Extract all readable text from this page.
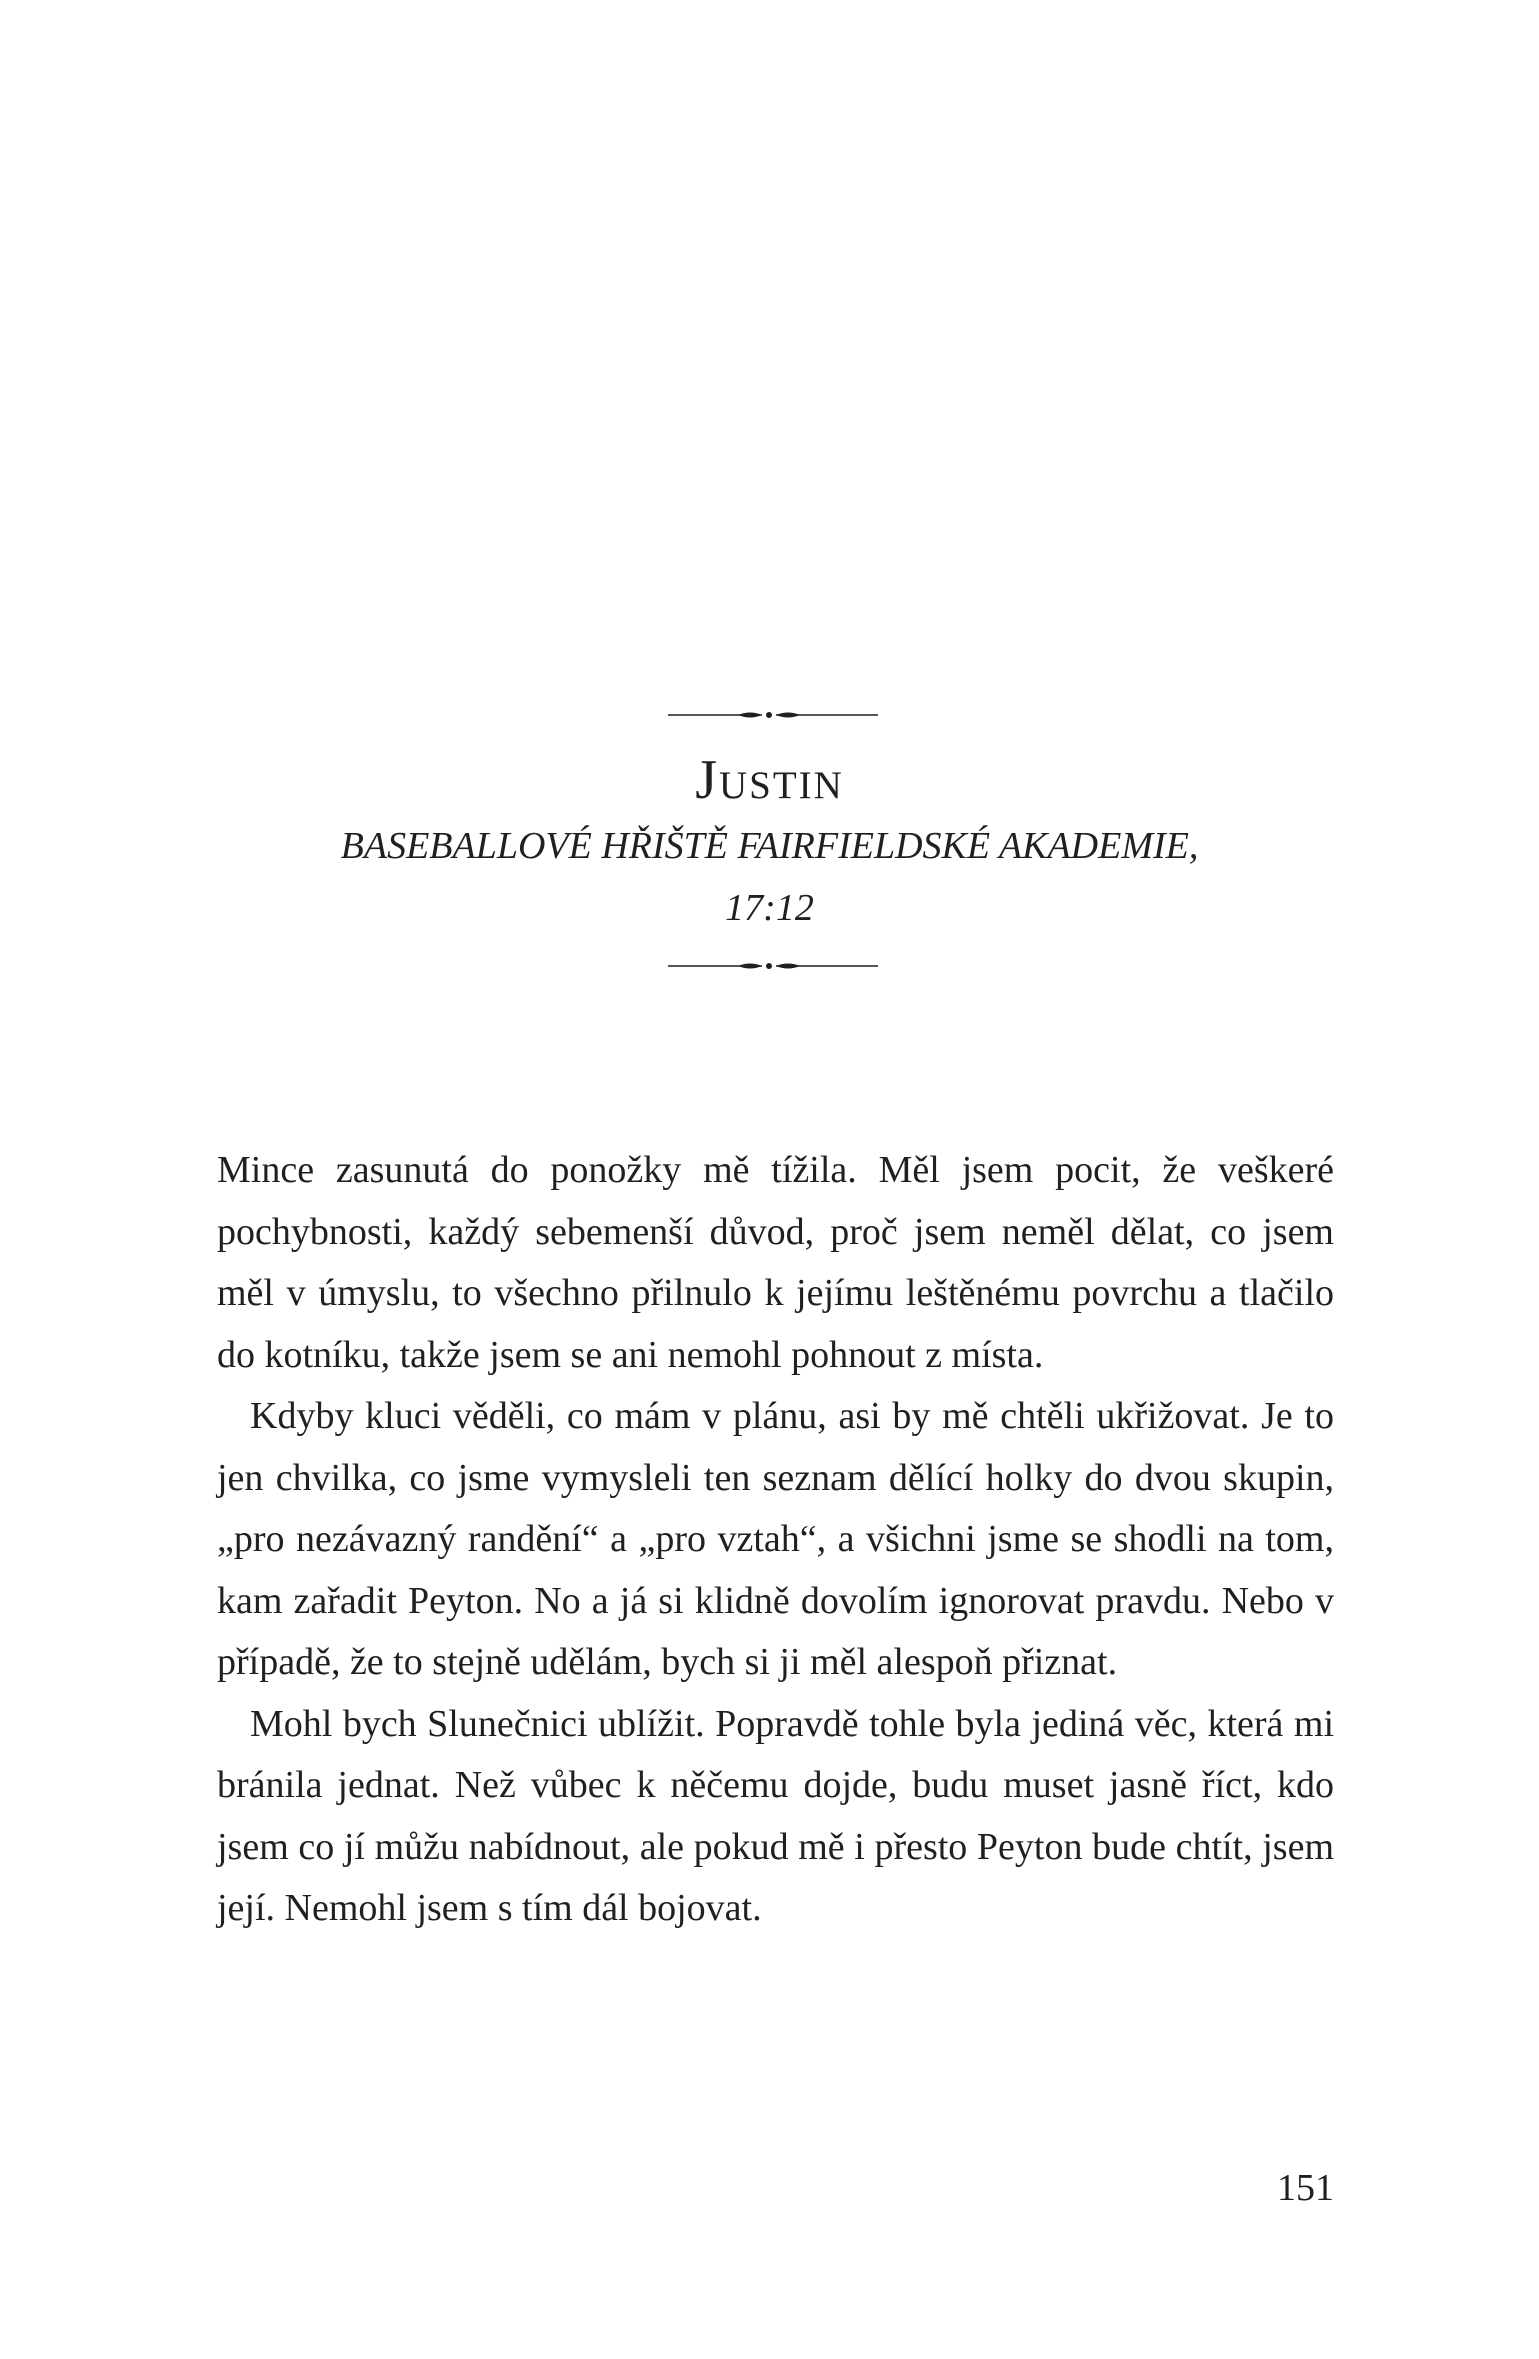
Justin
BASEBALLOVÉ HŘIŠTĚ FAIRFIELDSKÉ AKADEMIE,
17:12

Mince zasunutá do ponožky mě tížila. Měl jsem pocit, že veškeré pochybnosti, každý sebemenší důvod, proč jsem neměl dělat, co jsem měl v úmyslu, to všechno přilnulo k jejímu leštěnému povrchu a tlačilo do kotníku, takže jsem se ani nemohl pohnout z místa.

Kdyby kluci věděli, co mám v plánu, asi by mě chtěli ukřižovat. Je to jen chvilka, co jsme vymysleli ten seznam dělící holky do dvou skupin, „pro nezávazný randění“ a „pro vztah“, a všichni jsme se shodli na tom, kam zařadit Peyton. No a já si klidně dovolím ignorovat pravdu. Nebo v případě, že to stejně udělám, bych si ji měl alespoň přiznat.

Mohl bych Slunečnici ublížit. Popravdě tohle byla jediná věc, která mi bránila jednat. Než vůbec k něčemu dojde, budu muset jasně říct, kdo jsem co jí můžu nabídnout, ale pokud mě i přesto Peyton bude chtít, jsem její. Nemohl jsem s tím dál bojovat.

151
